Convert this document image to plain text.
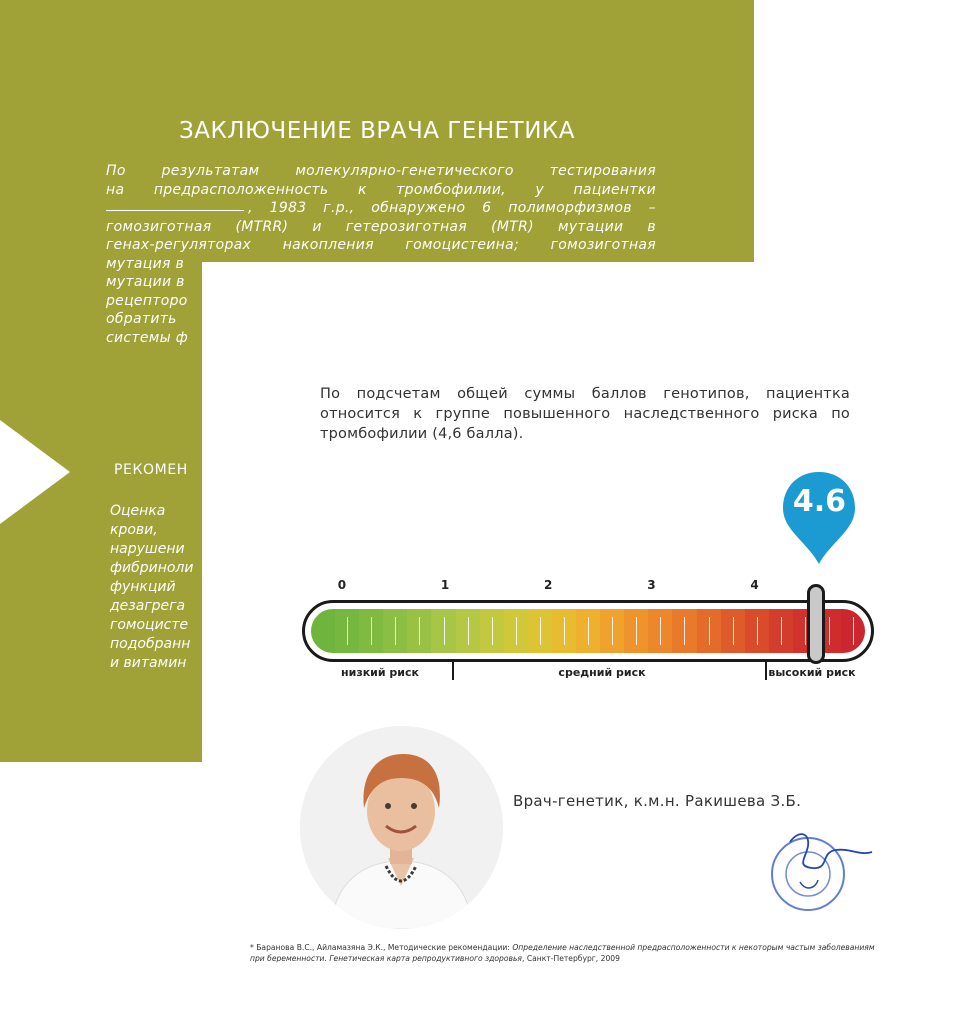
ЗАКЛЮЧЕНИЕ ВРАЧА ГЕНЕТИКА
По результатам молекулярно-генетического тестирования
на предрасположенность к тромбофилии, у пациентки
, 1983 г.р., обнаружено 6 полиморфизмов –
гомозиготная (MTRR) и гетерозиготная (MTR) мутации в
генах-регуляторах накопления гомоцистеина; гомозиготная
мутация в
мутации в
рецепторо
обратить
системы ф
РЕКОМЕН
Оценка
крови,
нарушени
фибриноли
функций
дезагрега
гомоцисте
подобранн
и витамин
По подсчетам общей суммы баллов генотипов, пациентка относится к группе повышенного наследственного риска по тромбофилии (4,6 балла).
4.6
0	1	2	3	4
низкий риск	средний риск	высокий риск
Врач-генетик, к.м.н. Ракишева З.Б.
* Баранова В.С., Айламазяна Э.К., Методические рекомендации: Определение наследственной предрасположенности к некоторым частым заболеваниям при беременности. Генетическая карта репродуктивного здоровья, Санкт-Петербург, 2009
